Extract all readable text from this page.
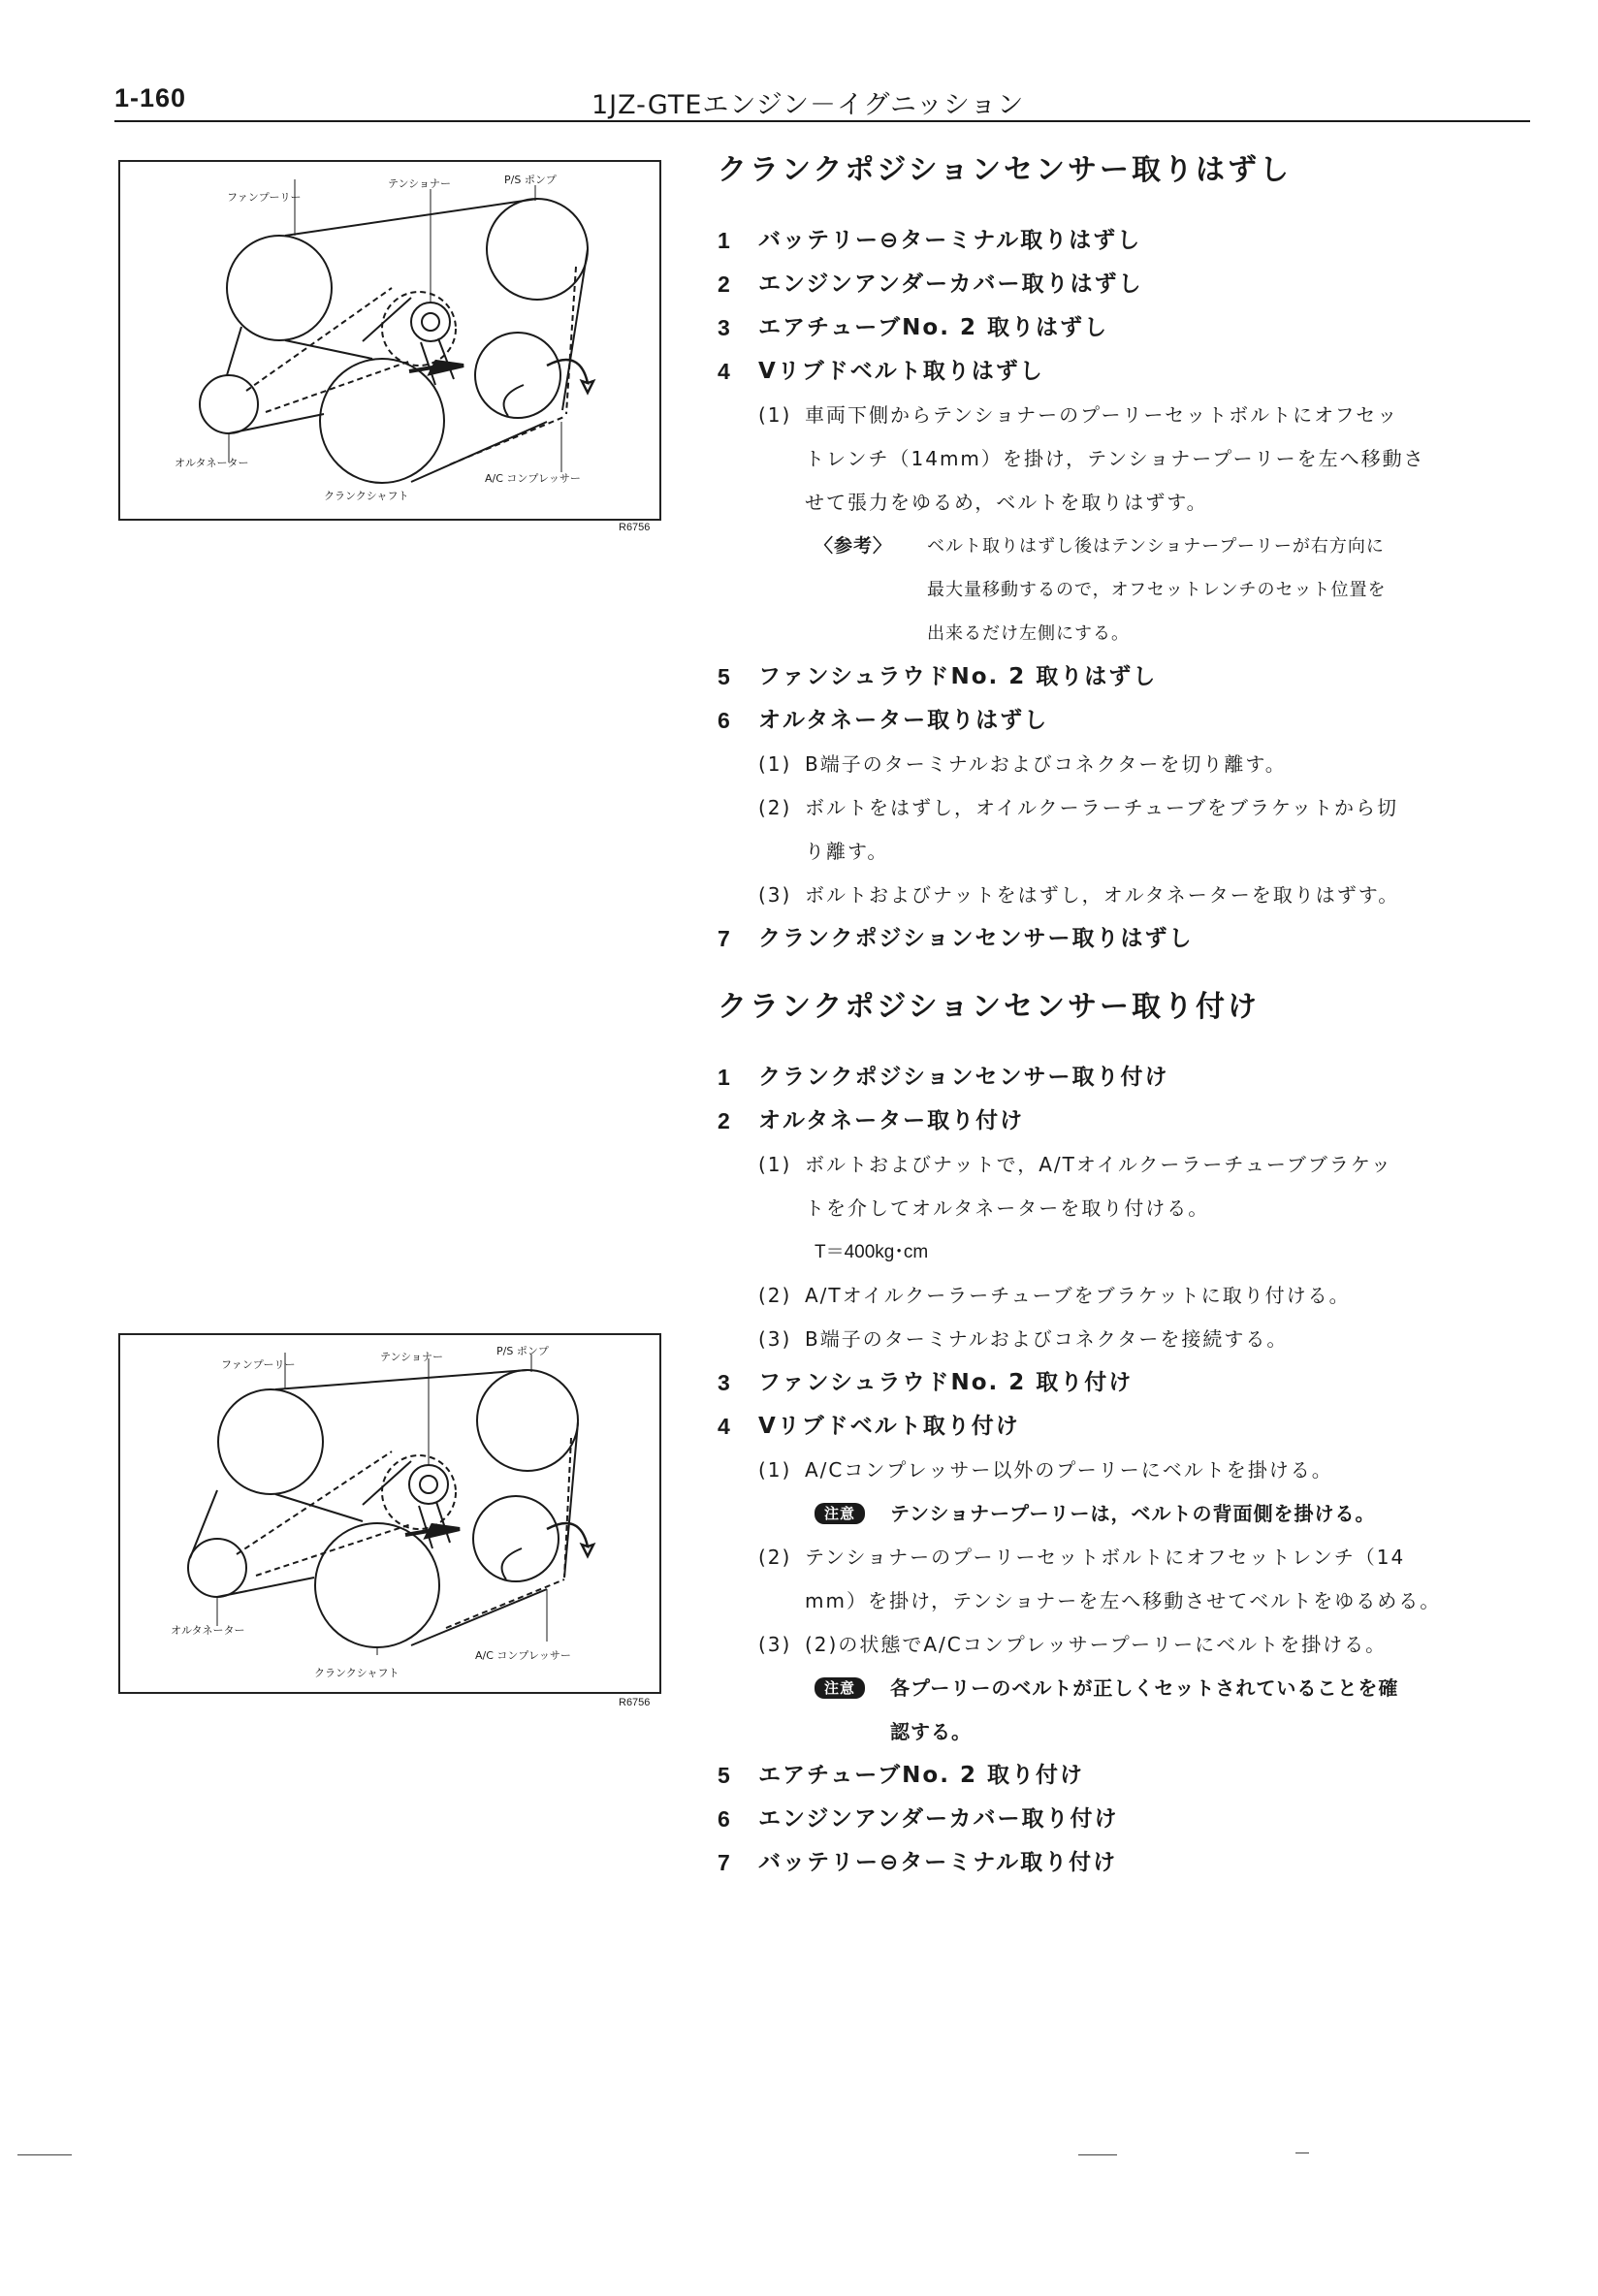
1-160	1JZ-GTEエンジン－イグニッション
ファンプーリー
テンショナー	P/S ポンプ
オルタネーター
クランクシャフト
A/C コンプレッサー
R6756
ファンプーリー
テンショナー	P/S ポンプ
オルタネーター
クランクシャフト
A/C コンプレッサー
R6756
クランクポジションセンサー取りはずし
1	バッテリー⊖ターミナル取りはずし
2	エンジンアンダーカバー取りはずし
3	エアチューブNo. 2 取りはずし
4	Vリブドベルト取りはずし
(1) 車両下側からテンショナーのプーリーセットボルトにオフセッ
トレンチ（14mm）を掛け，テンショナープーリーを左へ移動さ
せて張力をゆるめ，ベルトを取りはずす。
〈参考〉	ベルト取りはずし後はテンショナープーリーが右方向に
最大量移動するので，オフセットレンチのセット位置を
出来るだけ左側にする。
5	ファンシュラウドNo. 2 取りはずし
6	オルタネーター取りはずし
(1) B端子のターミナルおよびコネクターを切り離す。
(2) ボルトをはずし，オイルクーラーチューブをブラケットから切
り離す。
(3) ボルトおよびナットをはずし，オルタネーターを取りはずす。
7	クランクポジションセンサー取りはずし
クランクポジションセンサー取り付け
1	クランクポジションセンサー取り付け
2	オルタネーター取り付け
(1) ボルトおよびナットで，A/Tオイルクーラーチューブブラケッ
トを介してオルタネーターを取り付ける。
T＝400kg･cm
(2) A/Tオイルクーラーチューブをブラケットに取り付ける。
(3) B端子のターミナルおよびコネクターを接続する。
3	ファンシュラウドNo. 2 取り付け
4	Vリブドベルト取り付け
(1) A/Cコンプレッサー以外のプーリーにベルトを掛ける。
注意	テンショナープーリーは，ベルトの背面側を掛ける。
(2) テンショナーのプーリーセットボルトにオフセットレンチ（14
mm）を掛け，テンショナーを左へ移動させてベルトをゆるめる。
(3) (2)の状態でA/Cコンプレッサープーリーにベルトを掛ける。
注意	各プーリーのベルトが正しくセットされていることを確
認する。
5	エアチューブNo. 2 取り付け
6	エンジンアンダーカバー取り付け
7	バッテリー⊖ターミナル取り付け
